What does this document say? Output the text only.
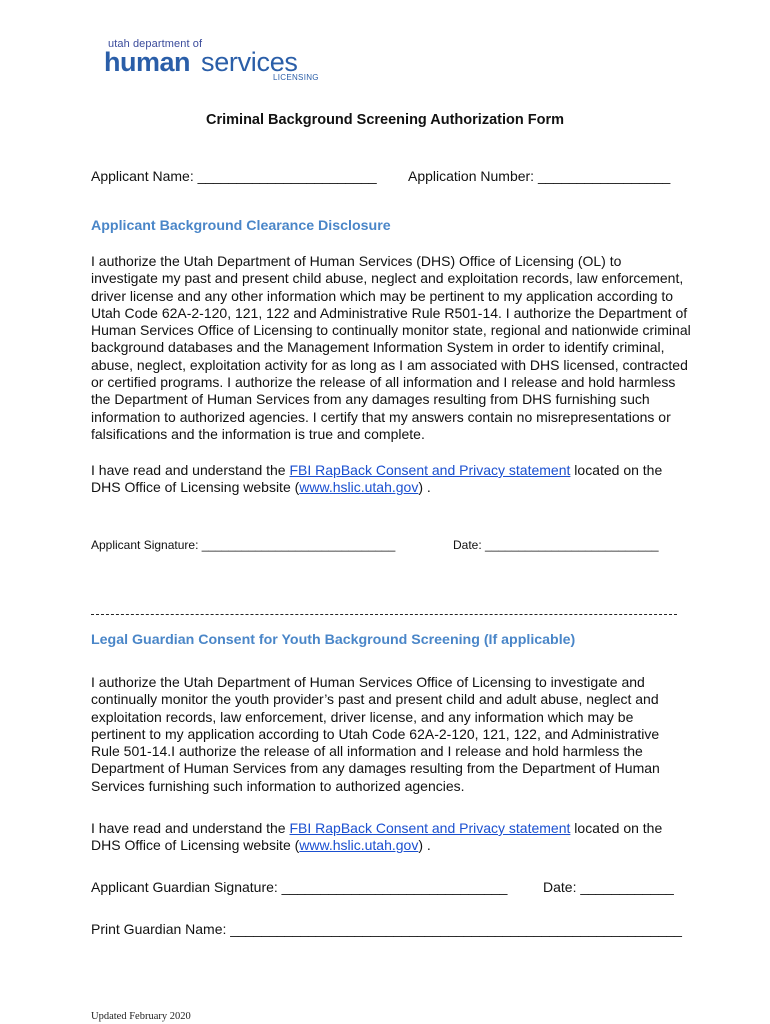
utah department of
human services
LICENSING
Criminal Background Screening Authorization Form
Applicant Name: _______________________ Application Number: _________________
Applicant Background Clearance Disclosure

I authorize the Utah Department of Human Services (DHS) Office of Licensing (OL) to investigate my past and present child abuse, neglect and exploitation records, law enforcement, driver license and any other information which may be pertinent to my application according to Utah Code 62A-2-120, 121, 122 and Administrative Rule R501-14. I authorize the Department of Human Services Office of Licensing to continually monitor state, regional and nationwide criminal background databases and the Management Information System in order to identify criminal, abuse, neglect, exploitation activity for as long as I am associated with DHS licensed, contracted or certified programs. I authorize the release of all information and I release and hold harmless the Department of Human Services from any damages resulting from DHS furnishing such information to authorized agencies. I certify that my answers contain no misrepresentations or falsifications and the information is true and complete.

I have read and understand the FBI RapBack Consent and Privacy statement located on the DHS Office of Licensing website (www.hslic.utah.gov) .

Applicant Signature: _____________________________	Date: __________________________
Legal Guardian Consent for Youth Background Screening (If applicable)

I authorize the Utah Department of Human Services Office of Licensing to investigate and continually monitor the youth provider’s past and present child and adult abuse, neglect and exploitation records, law enforcement, driver license, and any information which may be pertinent to my application according to Utah Code 62A-2-120, 121, 122, and Administrative Rule 501-14.I authorize the release of all information and I release and hold harmless the Department of Human Services from any damages resulting from the Department of Human Services furnishing such information to authorized agencies.

I have read and understand the FBI RapBack Consent and Privacy statement located on the DHS Office of Licensing website (www.hslic.utah.gov) .

Applicant Guardian Signature: _____________________________	Date: ____________
Print Guardian Name: __________________________________________________________
Updated February 2020
